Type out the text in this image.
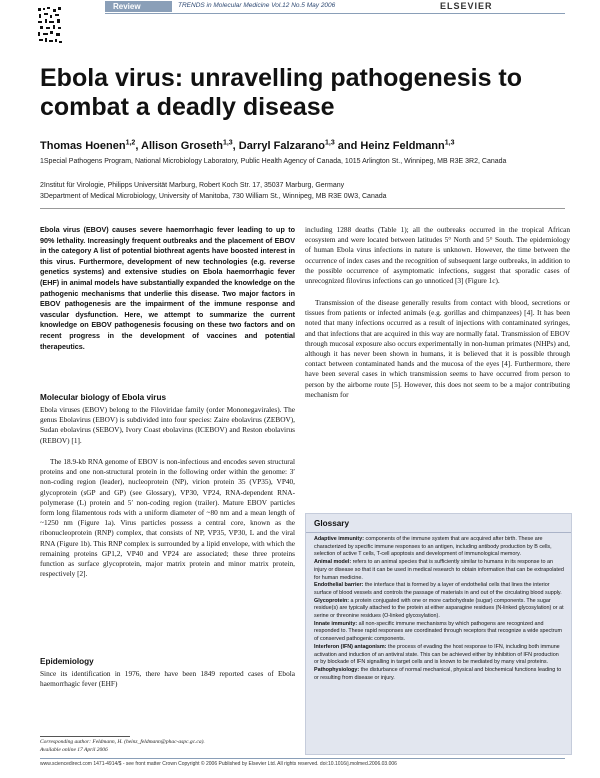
Review	TRENDS in Molecular Medicine Vol.12 No.5 May 2006	ELSEVIER
Ebola virus: unravelling pathogenesis to combat a deadly disease
Thomas Hoenen$^{1,2}$, Allison Groseth$^{1,3}$, Darryl Falzarano$^{1,3}$ and Heinz Feldmann$^{1,3}$
1Special Pathogens Program, National Microbiology Laboratory, Public Health Agency of Canada, 1015 Arlington St., Winnipeg, MB R3E 3R2, Canada
2Institut für Virologie, Philipps Universität Marburg, Robert Koch Str. 17, 35037 Marburg, Germany
3Department of Medical Microbiology, University of Manitoba, 730 William St., Winnipeg, MB R3E 0W3, Canada
Ebola virus (EBOV) causes severe haemorrhagic fever leading to up to 90% lethality. Increasingly frequent outbreaks and the placement of EBOV in the category A list of potential biothreat agents have boosted interest in this virus. Furthermore, development of new technologies (e.g. reverse genetics systems) and extensive studies on Ebola haemorrhagic fever (EHF) in animal models have substantially expanded the knowledge on the pathogenic mechanisms that underlie this disease. Two major factors in EBOV pathogenesis are the impairment of the immune response and vascular dysfunction. Here, we attempt to summarize the current knowledge on EBOV pathogenesis focusing on these two factors and on recent progress in the development of vaccines and potential therapeutics.
Molecular biology of Ebola virus
Ebola viruses (EBOV) belong to the Filoviridae family (order Mononegavirales). The genus Ebolavirus (EBOV) is subdivided into four species: Zaire ebolavirus (ZEBOV), Sudan ebolavirus (SEBOV), Ivory Coast ebolavirus (ICEBOV) and Reston ebolavirus (REBOV) [1].
The 18.9-kb RNA genome of EBOV is non-infectious and encodes seven structural proteins and one non-structural protein in the following order within the genome: 3′ non-coding region (leader), nucleoprotein (NP), virion protein 35 (VP35), VP40, glycoprotein (sGP and GP) (see Glossary), VP30, VP24, RNA-dependent RNA-polymerase (L) protein and 5′ non-coding region (trailer). Mature EBOV particles form long filamentous rods with a uniform diameter of ~80 nm and a mean length of ~1250 nm (Figure 1a). Virus particles possess a central core, known as the ribonucleoprotein (RNP) complex, that consists of NP, VP35, VP30, L and the viral RNA (Figure 1b). This RNP complex is surrounded by a lipid envelope, with which the remaining proteins GP1,2, VP40 and VP24 are associated; these three proteins function as surface glycoprotein, major matrix protein and minor matrix protein, respectively [2].
Epidemiology
Since its identification in 1976, there have been 1849 reported cases of Ebola haemorrhagic fever (EHF)
including 1288 deaths (Table 1); all the outbreaks occurred in the tropical African ecosystem and were located between latitudes 5° North and 5° South. The epidemiology of human Ebola virus infections in nature is unknown. However, the time between the occurrence of index cases and the recognition of subsequent large outbreaks, in addition to the possible occurrence of asymptomatic infections, suggest that sporadic cases of unrecognized filovirus infections can go unnoticed [3] (Figure 1c).
Transmission of the disease generally results from contact with blood, secretions or tissues from patients or infected animals (e.g. gorillas and chimpanzees) [4]. It has been noted that many infections occurred as a result of injections with contaminated syringes, and that infections that are acquired in this way are normally fatal. Transmission of EBOV through mucosal exposure also occurs experimentally in non-human primates (NHPs) and, although it has never been shown in humans, it is believed that it is possible through contact between contaminated hands and the mucosa of the eyes [4]. Furthermore, there have been several cases in which transmission seems to have occurred from person to person by the airborne route [5]. However, this does not seem to be a major contributing mechanism for
Glossary
Adaptive immunity: components of the immune system that are acquired after birth. These are characterized by specific immune responses to an antigen, including antibody production by B cells, selection of active T cells, T-cell apoptosis and development of immunological memory.
Animal model: refers to an animal species that is sufficiently similar to humans in its response to an injury or disease so that it can be used in medical research to obtain information that can be extrapolated for human medicine.
Endothelial barrier: the interface that is formed by a layer of endothelial cells that lines the interior surface of blood vessels and controls the passage of materials in and out of the circulating blood supply.
Glycoprotein: a protein conjugated with one or more carbohydrate (sugar) components. The sugar residue(s) are typically attached to the protein at either asparagine residues (N-linked glycosylation) or at serine or threonine residues (O-linked glycosylation).
Innate immunity: all non-specific immune mechanisms by which pathogens are recognized and responded to. These rapid responses are coordinated through receptors that recognize a wide spectrum of conserved pathogenic components.
Interferon (IFN) antagonism: the process of evading the host response to IFN, including both immune activation and induction of an antiviral state. This can be achieved either by inhibition of IFN production or by blockade of IFN signalling in target cells and is known to be mediated by many viral proteins.
Pathophysiology: the disturbance of normal mechanical, physical and biochemical functions leading to or resulting from disease or injury.
Corresponding author: Feldmann, H. (heinz_feldmann@phac-aspc.gc.ca).
Available online 17 April 2006
www.sciencedirect.com 1471-4914/$ - see front matter Crown Copyright © 2006 Published by Elsevier Ltd. All rights reserved. doi:10.1016/j.molmed.2006.03.006
